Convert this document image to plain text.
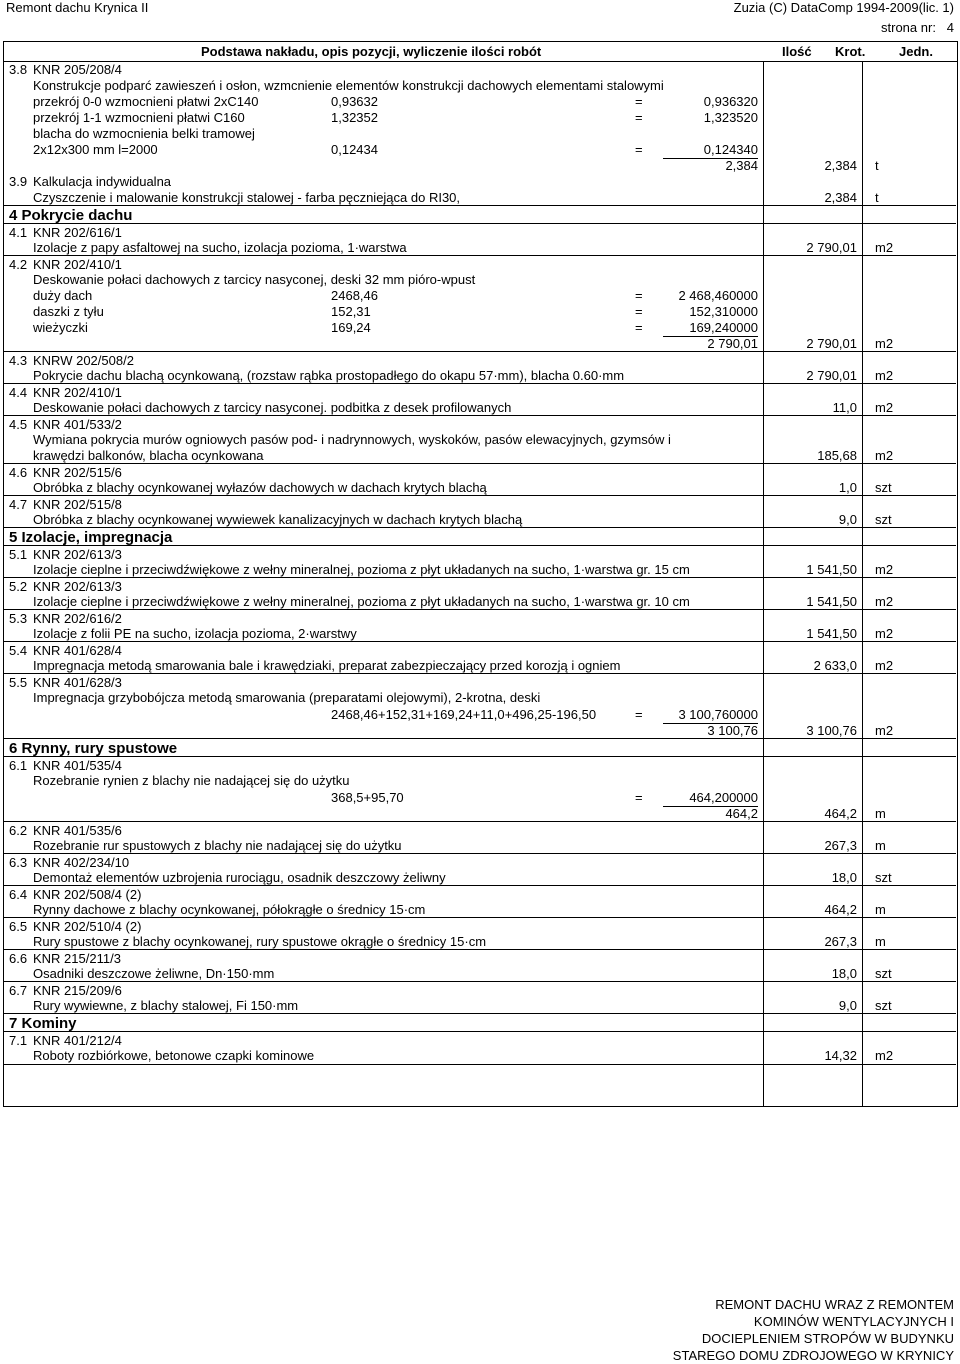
Remont dachu Krynica II	Zuzia (C) DataComp 1994-2009(lic. 1)
strona nr:   4
Podstawa nakładu, opis pozycji, wyliczenie ilości robót	Ilość Krot.	Jedn.
3.8 KNR 205/208/4
Konstrukcje podparć zawieszeń i osłon, wzmcnienie elementów konstrukcji dachowych elementami stalowymi
przekrój 0-0 wzmocnieni płatwi 2xC140	0,93632	=	0,936320
przekrój 1-1 wzmocnieni płatwi C160	1,32352	=	1,323520
blacha do wzmocnienia belki tramowej
2x12x300 mm l=2000	0,12434	=	0,124340
2,384	2,384 t
3.9 Kalkulacja indywidualna
Czyszczenie i malowanie konstrukcji stalowej - farba pęczniejąca do RI30,	2,384 t
4 Pokrycie dachu
4.1 KNR 202/616/1
Izolacje z papy asfaltowej na sucho, izolacja pozioma, 1·warstwa	2 790,01 m2
4.2 KNR 202/410/1
Deskowanie połaci dachowych z tarcicy nasyconej, deski 32 mm pióro-wpust
duży dach	2468,46	=	2 468,460000
daszki z tyłu	152,31	=	152,310000
wieżyczki	169,24	=	169,240000
2 790,01	2 790,01 m2
4.3 KNRW 202/508/2
Pokrycie dachu blachą ocynkowaną, (rozstaw rąbka prostopadłego do okapu 57·mm), blacha 0.60·mm	2 790,01 m2
4.4 KNR 202/410/1
Deskowanie połaci dachowych z tarcicy nasyconej. podbitka z desek profilowanych	11,0 m2
4.5 KNR 401/533/2
Wymiana pokrycia murów ogniowych pasów pod- i nadrynnowych, wyskoków, pasów elewacyjnych, gzymsów i
krawędzi balkonów, blacha ocynkowana	185,68 m2
4.6 KNR 202/515/6
Obróbka z blachy ocynkowanej wyłazów dachowych w dachach krytych blachą	1,0 szt
4.7 KNR 202/515/8
Obróbka z blachy ocynkowanej wywiewek kanalizacyjnych w dachach krytych blachą	9,0 szt
5 Izolacje, impregnacja
5.1 KNR 202/613/3
Izolacje cieplne i przeciwdźwiękowe z wełny mineralnej, pozioma z płyt układanych na sucho, 1·warstwa gr. 15 cm	1 541,50 m2
5.2 KNR 202/613/3
Izolacje cieplne i przeciwdźwiękowe z wełny mineralnej, pozioma z płyt układanych na sucho, 1·warstwa gr. 10 cm	1 541,50 m2
5.3 KNR 202/616/2
Izolacje z folii PE na sucho, izolacja pozioma, 2·warstwy	1 541,50 m2
5.4 KNR 401/628/4
Impregnacja metodą smarowania bale i krawędziaki, preparat zabezpieczający przed korozją i ogniem	2 633,0 m2
5.5 KNR 401/628/3
Impregnacja grzybobójcza metodą smarowania (preparatami olejowymi), 2-krotna, deski
2468,46+152,31+169,24+11,0+496,25-196,50	=	3 100,760000
3 100,76	3 100,76 m2
6 Rynny, rury spustowe
6.1 KNR 401/535/4
Rozebranie rynien z blachy nie nadającej się do użytku
368,5+95,70	=	464,200000
464,2	464,2 m
6.2 KNR 401/535/6
Rozebranie rur spustowych z blachy nie nadającej się do użytku	267,3 m
6.3 KNR 402/234/10
Demontaż elementów uzbrojenia rurociągu, osadnik deszczowy żeliwny	18,0 szt
6.4 KNR 202/508/4 (2)
Rynny dachowe z blachy ocynkowanej, półokrągłe o średnicy 15·cm	464,2 m
6.5 KNR 202/510/4 (2)
Rury spustowe z blachy ocynkowanej, rury spustowe okrągłe o średnicy 15·cm	267,3 m
6.6 KNR 215/211/3
Osadniki deszczowe żeliwne, Dn·150·mm	18,0 szt
6.7 KNR 215/209/6
Rury wywiewne, z blachy stalowej, Fi 150·mm	9,0 szt
7 Kominy
7.1 KNR 401/212/4
Roboty rozbiórkowe, betonowe czapki kominowe	14,32 m2
REMONT DACHU WRAZ Z REMONTEM
KOMINÓW WENTYLACYJNYCH I
DOCIEPLENIEM STROPÓW W BUDYNKU
STAREGO DOMU ZDROJOWEGO W KRYNICY
